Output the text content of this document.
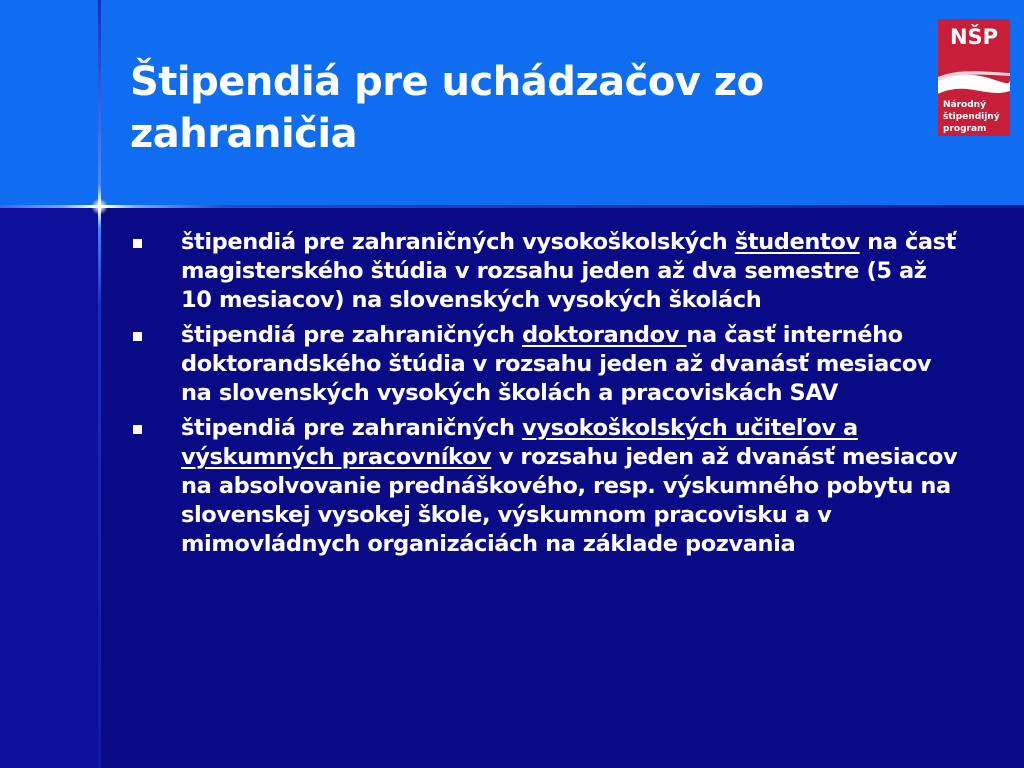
Štipendiá pre uchádzačov zo
zahraničia
NŠP
Národný
štipendijný
program
štipendiá pre zahraničných vysokoškolských študentov na časť magisterského štúdia v rozsahu jeden až dva semestre (5 až 10 mesiacov) na slovenských vysokých školách
štipendiá pre zahraničných doktorandov na časť interného doktorandského štúdia v rozsahu jeden až dvanásť mesiacov na slovenských vysokých školách a pracoviskách SAV
štipendiá pre zahraničných vysokoškolských učiteľov a výskumných pracovníkov v rozsahu jeden až dvanásť mesiacov na absolvovanie prednáškového, resp. výskumného pobytu na slovenskej vysokej škole, výskumnom pracovisku a v mimovládnych organizáciách na základe pozvania
